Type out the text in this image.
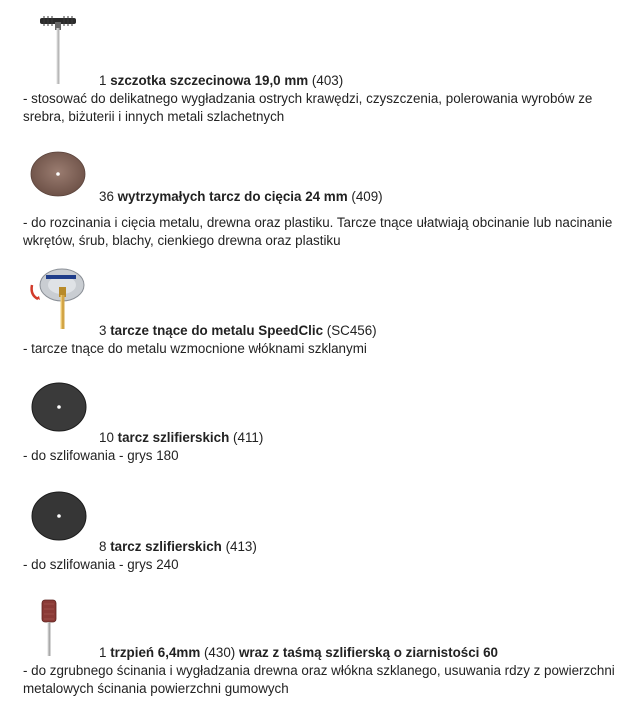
1 szczotka szczecinowa 19,0 mm (403)
- stosować do delikatnego wygładzania ostrych krawędzi, czyszczenia, polerowania wyrobów ze srebra, biżuterii i innych metali szlachetnych
36 wytrzymałych tarcz do cięcia 24 mm (409)
- do rozcinania i cięcia metalu, drewna oraz plastiku. Tarcze tnące ułatwiają obcinanie lub nacinanie wkrętów, śrub, blachy, cienkiego drewna oraz plastiku
3 tarcze tnące do metalu SpeedClic (SC456)
- tarcze tnące do metalu wzmocnione włóknami szklanymi
10 tarcz szlifierskich (411)
- do szlifowania - grys 180
8 tarcz szlifierskich (413)
- do szlifowania - grys 240
1 trzpień 6,4mm (430) wraz z taśmą szlifierską o ziarnistości 60
- do zgrubnego ścinania i wygładzania drewna oraz włókna szklanego, usuwania rdzy z powierzchni metalowych ścinania powierzchni gumowych
